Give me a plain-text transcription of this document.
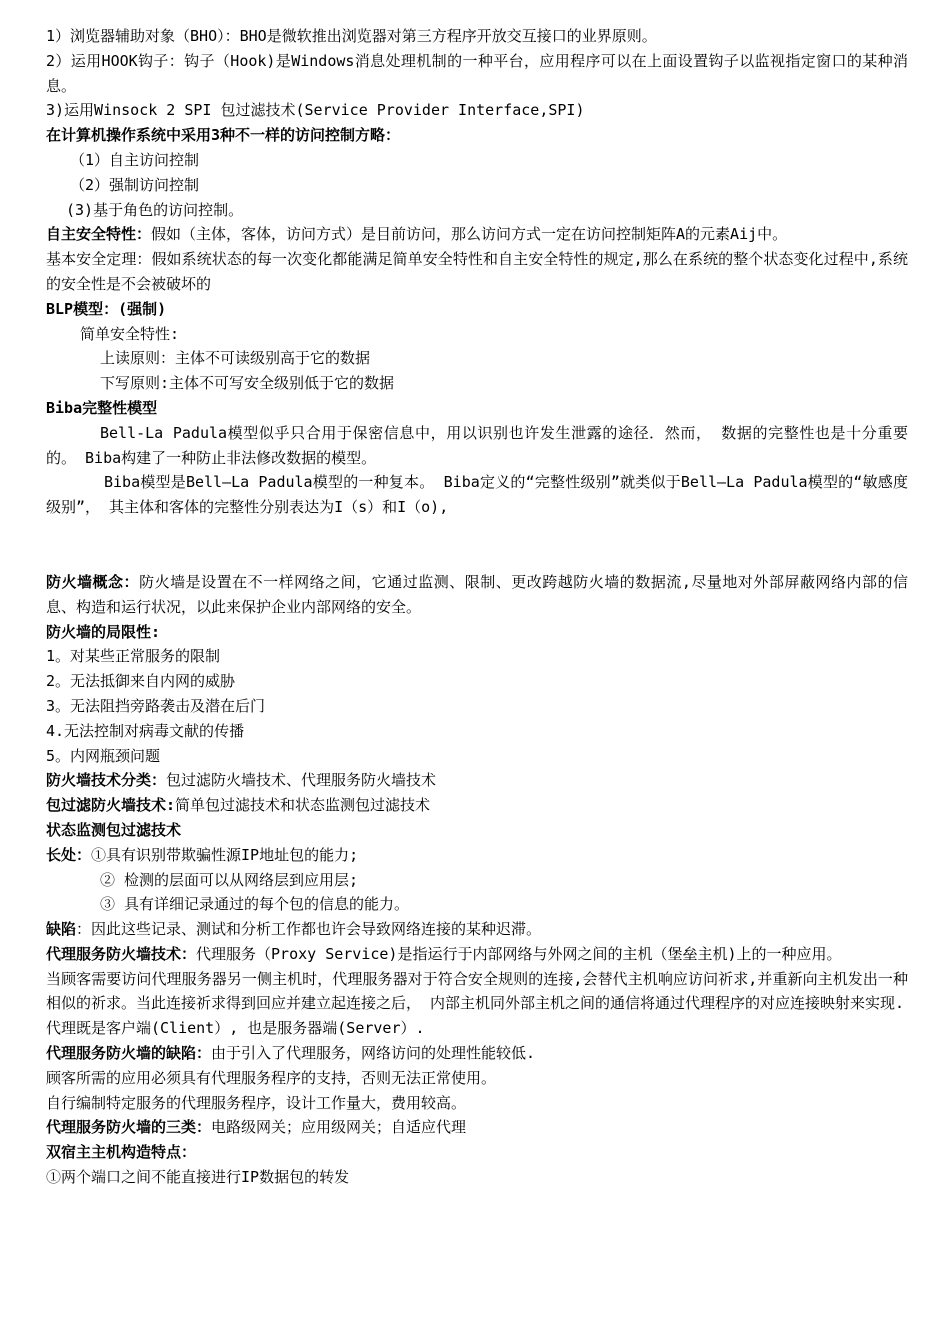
1）浏览器辅助对象（BHO）：BHO是微软推出浏览器对第三方程序开放交互接口的业界原则。

2）运用HOOK钩子：钩子（Hook)是Windows消息处理机制的一种平台，应用程序可以在上面设置钩子以监视指定窗口的某种消息。

3)运用Winsock 2 SPI 包过滤技术(Service Provider Interface,SPI)

在计算机操作系统中采用3种不一样的访问控制方略：

（1）自主访问控制

（2）强制访问控制

(3)基于角色的访问控制。

自主安全特性：假如（主体，客体，访问方式）是目前访问，那么访问方式一定在访问控制矩阵A的元素Aij中。

基本安全定理：假如系统状态的每一次变化都能满足简单安全特性和自主安全特性的规定,那么在系统的整个状态变化过程中,系统的安全性是不会被破坏的

BLP模型：(强制)

简单安全特性:

上读原则：主体不可读级别高于它的数据

下写原则:主体不可写安全级别低于它的数据

Biba完整性模型

Bell-La Padula模型似乎只合用于保密信息中，用以识别也许发生泄露的途径．然而， 数据的完整性也是十分重要的。 Biba构建了一种防止非法修改数据的模型。

Biba模型是Bell—La Padula模型的一种复本。 Biba定义的“完整性级别”就类似于Bell—La Padula模型的“敏感度级别”， 其主体和客体的完整性分别表达为I（s）和I（o),

防火墙概念：防火墙是设置在不一样网络之间，它通过监测、限制、更改跨越防火墙的数据流,尽量地对外部屏蔽网络内部的信息、构造和运行状况，以此来保护企业内部网络的安全。

防火墙的局限性:

1。对某些正常服务的限制

2。无法抵御来自内网的威胁

3。无法阻挡旁路袭击及潜在后门

4.无法控制对病毒文献的传播

5。内网瓶颈问题

防火墙技术分类：包过滤防火墙技术、代理服务防火墙技术

包过滤防火墙技术:简单包过滤技术和状态监测包过滤技术

状态监测包过滤技术

长处：①具有识别带欺骗性源IP地址包的能力;

② 检测的层面可以从网络层到应用层;

③ 具有详细记录通过的每个包的信息的能力。

缺陷：因此这些记录、测试和分析工作都也许会导致网络连接的某种迟滞。

代理服务防火墙技术：代理服务（Proxy Service)是指运行于内部网络与外网之间的主机（堡垒主机)上的一种应用。

当顾客需要访问代理服务器另一侧主机时，代理服务器对于符合安全规则的连接,会替代主机响应访问祈求,并重新向主机发出一种相似的祈求。当此连接祈求得到回应并建立起连接之后， 内部主机同外部主机之间的通信将通过代理程序的对应连接映射来实现.

代理既是客户端(Client）, 也是服务器端(Server）.

代理服务防火墙的缺陷：由于引入了代理服务，网络访问的处理性能较低.

顾客所需的应用必须具有代理服务程序的支持，否则无法正常使用。

自行编制特定服务的代理服务程序，设计工作量大，费用较高。

代理服务防火墙的三类：电路级网关；应用级网关；自适应代理

双宿主主机构造特点：

①两个端口之间不能直接进行IP数据包的转发
